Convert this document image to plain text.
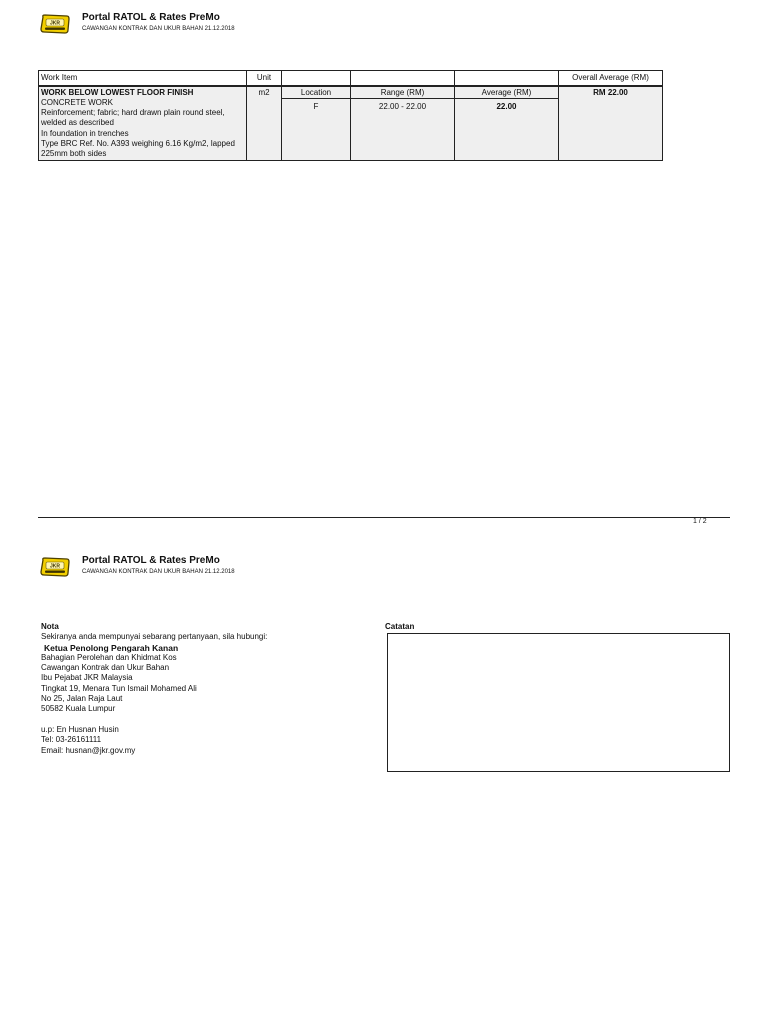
JKR
Portal RATOL & Rates PreMo
CAWANGAN KONTRAK DAN UKUR BAHAN 21.12.2018
Work Item	Unit				Overall Average (RM)

WORK BELOW LOWEST FLOOR FINISH
CONCRETE WORK
Reinforcement; fabric; hard drawn plain round steel, welded as described
In foundation in trenches
Type BRC Ref. No. A393 weighing 6.16 Kg/m2, lapped 225mm both sides	m2	Location	Range (RM)	Average (RM)	RM 22.00
		F	22.00 - 22.00	22.00	
1 / 2
JKR
Portal RATOL & Rates PreMo
CAWANGAN KONTRAK DAN UKUR BAHAN 21.12.2018
Nota
Sekiranya anda mempunyai sebarang pertanyaan, sila hubungi:
Ketua Penolong Pengarah Kanan
Bahagian Perolehan dan Khidmat Kos
Cawangan Kontrak dan Ukur Bahan
Ibu Pejabat JKR Malaysia
Tingkat 19, Menara Tun Ismail Mohamed Ali
No 25, Jalan Raja Laut
50582 Kuala Lumpur
u.p: En Husnan Husin
Tel: 03-26161111
Email: husnan@jkr.gov.my
Catatan
